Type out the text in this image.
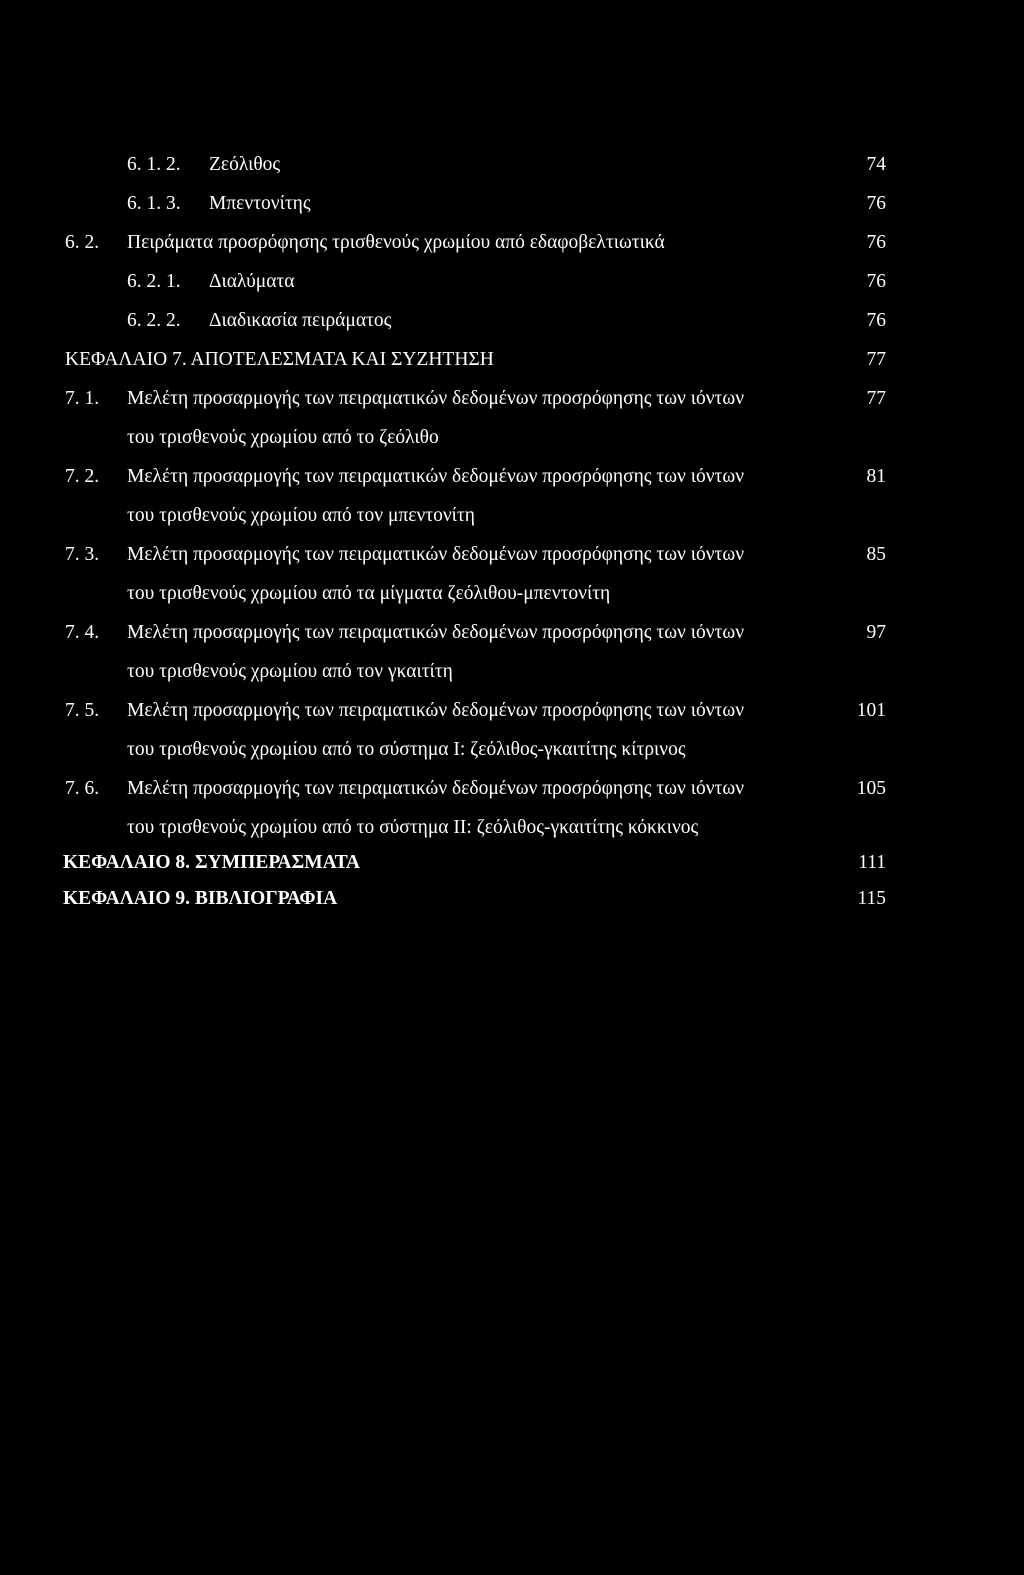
6. 1. 2. Ζεόλιθος	74
6. 1. 3. Μπεντονίτης	76
6. 2. Πειράματα προσρόφησης τρισθενούς χρωμίου από εδαφοβελτιωτικά	76
6. 2. 1. Διαλύματα	76
6. 2. 2. Διαδικασία πειράματος	76
ΚΕΦΑΛΑΙΟ 7. ΑΠΟΤΕΛΕΣΜΑΤΑ ΚΑΙ ΣΥΖΗΤΗΣΗ	77
7. 1. Μελέτη προσαρμογής των πειραματικών δεδομένων προσρόφησης των ιόντων	77
του τρισθενούς χρωμίου από το ζεόλιθο
7. 2. Μελέτη προσαρμογής των πειραματικών δεδομένων προσρόφησης των ιόντων	81
του τρισθενούς χρωμίου από τον μπεντονίτη
7. 3. Μελέτη προσαρμογής των πειραματικών δεδομένων προσρόφησης των ιόντων	85
του τρισθενούς χρωμίου από τα μίγματα ζεόλιθου-μπεντονίτη
7. 4. Μελέτη προσαρμογής των πειραματικών δεδομένων προσρόφησης των ιόντων	97
του τρισθενούς χρωμίου από τον γκαιτίτη
7. 5. Μελέτη προσαρμογής των πειραματικών δεδομένων προσρόφησης των ιόντων	101
του τρισθενούς χρωμίου από το σύστημα Ι: ζεόλιθος-γκαιτίτης κίτρινος
7. 6. Μελέτη προσαρμογής των πειραματικών δεδομένων προσρόφησης των ιόντων	105
του τρισθενούς χρωμίου από το σύστημα ΙΙ: ζεόλιθος-γκαιτίτης κόκκινος
ΚΕΦΑΛΑΙΟ 8. ΣΥΜΠΕΡΑΣΜΑΤΑ	111
ΚΕΦΑΛΑΙΟ 9. ΒΙΒΛΙΟΓΡΑΦΙΑ	115
